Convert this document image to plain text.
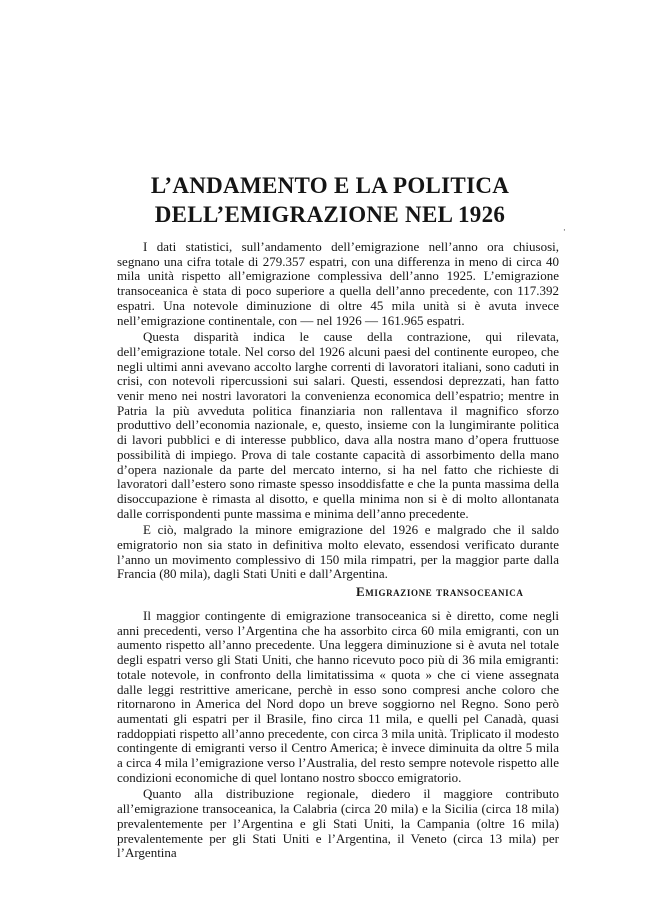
L’ANDAMENTO E LA POLITICA
DELL’EMIGRAZIONE NEL 1926
·

I dati statistici, sull’andamento dell’emigrazione nell’anno ora chiusosi, segnano una cifra totale di 279.357 espatri, con una differenza in meno di circa 40 mila unità rispetto all’emigrazione complessiva dell’anno 1925. L’emigrazione transoceanica è stata di poco superiore a quella dell’anno precedente, con 117.392 espatri. Una notevole diminuzione di oltre 45 mila unità si è avuta invece nell’emigrazione continentale, con — nel 1926 — 161.965 espatri.

Questa disparità indica le cause della contrazione, qui rilevata, dell’emigrazione totale. Nel corso del 1926 alcuni paesi del continente europeo, che negli ultimi anni avevano accolto larghe correnti di lavoratori italiani, sono caduti in crisi, con notevoli ripercussioni sui salari. Questi, essendosi deprezzati, han fatto venir meno nei nostri lavoratori la convenienza economica dell’espatrio; mentre in Patria la più avveduta politica finanziaria non rallentava il magnifico sforzo produttivo dell’economia nazionale, e, questo, insieme con la lungimirante politica di lavori pubblici e di interesse pubblico, dava alla nostra mano d’opera fruttuose possibilità di impiego. Prova di tale costante capacità di assorbimento della mano d’opera nazionale da parte del mercato interno, si ha nel fatto che richieste di lavoratori dall’estero sono rimaste spesso insoddisfatte e che la punta massima della disoccupazione è rimasta al disotto, e quella minima non si è di molto allontanata dalle corrispondenti punte massima e minima dell’anno precedente.

E ciò, malgrado la minore emigrazione del 1926 e malgrado che il saldo emigratorio non sia stato in definitiva molto elevato, essendosi verificato durante l’anno un movimento complessivo di 150 mila rimpatri, per la maggior parte dalla Francia (80 mila), dagli Stati Uniti e dall’Argentina.

Emigrazione transoceanica

Il maggior contingente di emigrazione transoceanica si è diretto, come negli anni precedenti, verso l’Argentina che ha assorbito circa 60 mila emigranti, con un aumento rispetto all’anno precedente. Una leggera diminuzione si è avuta nel totale degli espatri verso gli Stati Uniti, che hanno ricevuto poco più di 36 mila emigranti: totale notevole, in confronto della limitatissima « quota » che ci viene assegnata dalle leggi restrittive americane, perchè in esso sono compresi anche coloro che ritornarono in America del Nord dopo un breve soggiorno nel Regno. Sono però aumentati gli espatri per il Brasile, fino circa 11 mila, e quelli pel Canadà, quasi raddoppiati rispetto all’anno precedente, con circa 3 mila unità. Triplicato il modesto contingente di emigranti verso il Centro America; è invece diminuita da oltre 5 mila a circa 4 mila l’emigrazione verso l’Australia, del resto sempre notevole rispetto alle condizioni economiche di quel lontano nostro sbocco emigratorio.

Quanto alla distribuzione regionale, diedero il maggiore contributo all’emigrazione transoceanica, la Calabria (circa 20 mila) e la Sicilia (circa 18 mila) prevalentemente per l’Argentina e gli Stati Uniti, la Campania (oltre 16 mila) prevalentemente per gli Stati Uniti e l’Argentina, il Veneto (circa 13 mila) per l’Argentina
